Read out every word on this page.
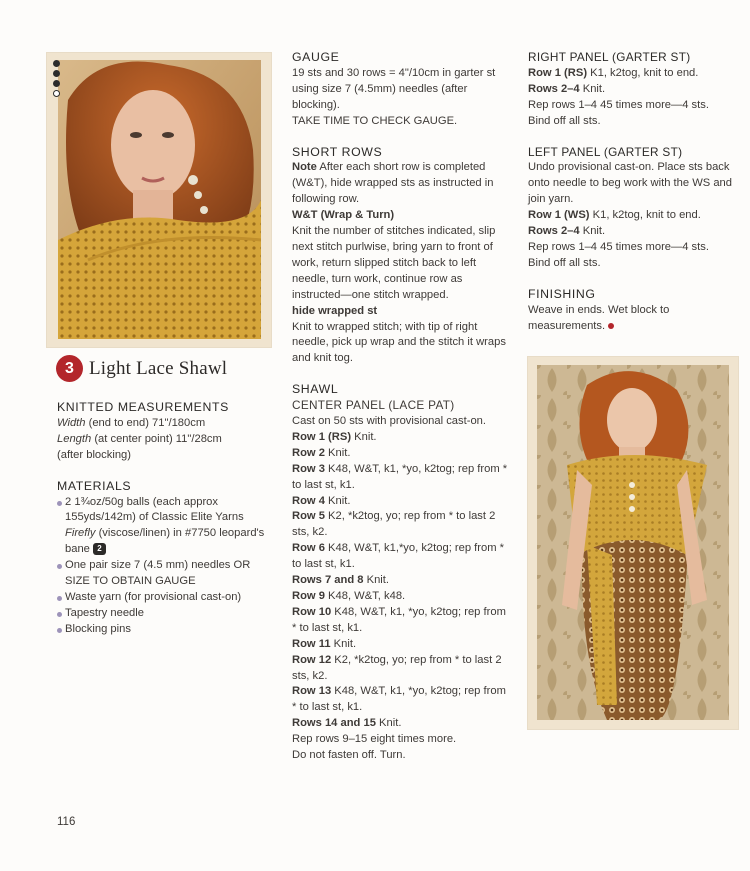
3 Light Lace Shawl

KNITTED MEASUREMENTS

Width (end to end) 71"/180cm

Length (at center point) 11"/28cm

(after blocking)

MATERIALS

2 1¾oz/50g balls (each approx 155yds/142m) of Classic Elite Yarns Firefly (viscose/linen) in #7750 leopard's bane 2

One pair size 7 (4.5 mm) needles OR SIZE TO OBTAIN GAUGE

Waste yarn (for provisional cast-on)

Tapestry needle

Blocking pins

GAUGE

19 sts and 30 rows = 4"/10cm in garter st using size 7 (4.5mm) needles (after blocking).

TAKE TIME TO CHECK GAUGE.

SHORT ROWS

Note After each short row is completed (W&T), hide wrapped sts as instructed in following row.

W&T (Wrap & Turn)

Knit the number of stitches indicated, slip next stitch purlwise, bring yarn to front of work, return slipped stitch back to left needle, turn work, continue row as instructed—one stitch wrapped.

hide wrapped st

Knit to wrapped stitch; with tip of right needle, pick up wrap and the stitch it wraps and knit tog.

SHAWL

CENTER PANEL (LACE PAT)

Cast on 50 sts with provisional cast-on.

Row 1 (RS) Knit.

Row 2 Knit.

Row 3 K48, W&T, k1, *yo, k2tog; rep from * to last st, k1.

Row 4 Knit.

Row 5 K2, *k2tog, yo; rep from * to last 2 sts, k2.

Row 6 K48, W&T, k1,*yo, k2tog; rep from * to last st, k1.

Rows 7 and 8 Knit.

Row 9 K48, W&T, k48.

Row 10 K48, W&T, k1, *yo, k2tog; rep from * to last st, k1.

Row 11 Knit.

Row 12 K2, *k2tog, yo; rep from * to last 2 sts, k2.

Row 13 K48, W&T, k1, *yo, k2tog; rep from * to last st, k1.

Rows 14 and 15 Knit.

Rep rows 9–15 eight times more.

Do not fasten off. Turn.

RIGHT PANEL (GARTER ST)

Row 1 (RS) K1, k2tog, knit to end.

Rows 2–4 Knit.

Rep rows 1–4 45 times more—4 sts.

Bind off all sts.

LEFT PANEL (GARTER ST)

Undo provisional cast-on. Place sts back onto needle to beg work with the WS and join yarn.

Row 1 (WS) K1, k2tog, knit to end.

Rows 2–4 Knit.

Rep rows 1–4 45 times more—4 sts.

Bind off all sts.

FINISHING

Weave in ends. Wet block to measurements.

116
